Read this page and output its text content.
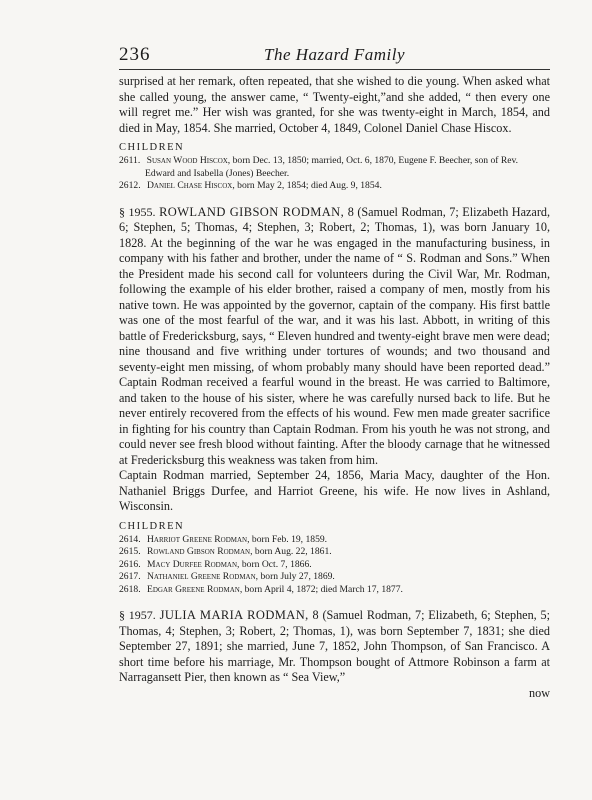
236	The Hazard Family

surprised at her remark, often repeated, that she wished to die young. When asked what she called young, the answer came, “ Twenty-eight,”and she added, “ then every one will regret me.” Her wish was granted, for she was twenty-eight in March, 1854, and died in May, 1854. She married, October 4, 1849, Colonel Daniel Chase Hiscox.

CHILDREN
2611. Susan Wood Hiscox, born Dec. 13, 1850; married, Oct. 6, 1870, Eugene F. Beecher, son of Rev. Edward and Isabella (Jones) Beecher.
2612. Daniel Chase Hiscox, born May 2, 1854; died Aug. 9, 1854.

§ 1955. ROWLAND GIBSON RODMAN, 8 (Samuel Rodman, 7; Elizabeth Hazard, 6; Stephen, 5; Thomas, 4; Stephen, 3; Robert, 2; Thomas, 1), was born January 10, 1828. At the beginning of the war he was engaged in the manufacturing business, in company with his father and brother, under the name of “ S. Rodman and Sons.” When the President made his second call for volunteers during the Civil War, Mr. Rodman, following the example of his elder brother, raised a company of men, mostly from his native town. He was appointed by the governor, captain of the company. His first battle was one of the most fearful of the war, and it was his last. Abbott, in writing of this battle of Fredericksburg, says, “ Eleven hundred and twenty-eight brave men were dead; nine thousand and five writhing under tortures of wounds; and two thousand and seventy-eight men missing, of whom probably many should have been reported dead.” Captain Rodman received a fearful wound in the breast. He was carried to Baltimore, and taken to the house of his sister, where he was carefully nursed back to life. But he never entirely recovered from the effects of his wound. Few men made greater sacrifice in fighting for his country than Captain Rodman. From his youth he was not strong, and could never see fresh blood without fainting. After the bloody carnage that he witnessed at Fredericksburg this weakness was taken from him.

Captain Rodman married, September 24, 1856, Maria Macy, daughter of the Hon. Nathaniel Briggs Durfee, and Harriot Greene, his wife. He now lives in Ashland, Wisconsin.

CHILDREN
2614. Harriot Greene Rodman, born Feb. 19, 1859.
2615. Rowland Gibson Rodman, born Aug. 22, 1861.
2616. Macy Durfee Rodman, born Oct. 7, 1866.
2617. Nathaniel Greene Rodman, born July 27, 1869.
2618. Edgar Greene Rodman, born April 4, 1872; died March 17, 1877.

§ 1957. JULIA MARIA RODMAN, 8 (Samuel Rodman, 7; Elizabeth, 6; Stephen, 5; Thomas, 4; Stephen, 3; Robert, 2; Thomas, 1), was born September 7, 1831; she died September 27, 1891; she married, June 7, 1852, John Thompson, of San Francisco. A short time before his marriage, Mr. Thompson bought of Attmore Robinson a farm at Narragansett Pier, then known as “ Sea View,”

now
